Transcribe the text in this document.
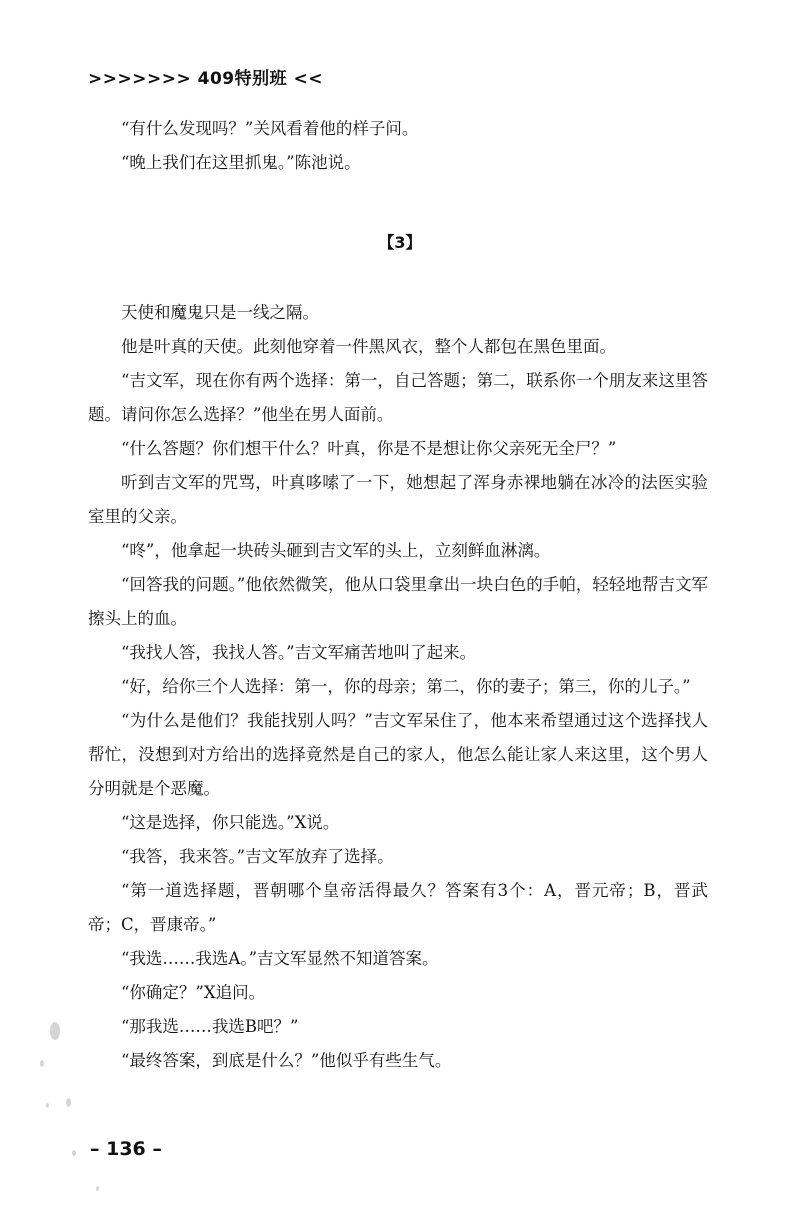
>>>>>>> 409特别班 <<

“有什么发现吗？”关风看着他的样子问。

“晚上我们在这里抓鬼。”陈池说。

【3】

天使和魔鬼只是一线之隔。

他是叶真的天使。此刻他穿着一件黑风衣，整个人都包在黑色里面。

“吉文军，现在你有两个选择：第一，自己答题；第二，联系你一个朋友来这里答题。请问你怎么选择？”他坐在男人面前。

“什么答题？你们想干什么？叶真，你是不是想让你父亲死无全尸？”

听到吉文军的咒骂，叶真哆嗦了一下，她想起了浑身赤裸地躺在冰冷的法医实验室里的父亲。

“咚”，他拿起一块砖头砸到吉文军的头上，立刻鲜血淋漓。

“回答我的问题。”他依然微笑，他从口袋里拿出一块白色的手帕，轻轻地帮吉文军擦头上的血。

“我找人答，我找人答。”吉文军痛苦地叫了起来。

“好，给你三个人选择：第一，你的母亲；第二，你的妻子；第三，你的儿子。”

“为什么是他们？我能找别人吗？”吉文军呆住了，他本来希望通过这个选择找人帮忙，没想到对方给出的选择竟然是自己的家人，他怎么能让家人来这里，这个男人分明就是个恶魔。

“这是选择，你只能选。”X说。

“我答，我来答。”吉文军放弃了选择。

“第一道选择题，晋朝哪个皇帝活得最久？答案有3个：A，晋元帝；B，晋武帝；C，晋康帝。”

“我选……我选A。”吉文军显然不知道答案。

“你确定？”X追问。

“那我选……我选B吧？”

“最终答案，到底是什么？”他似乎有些生气。

– 136 –
